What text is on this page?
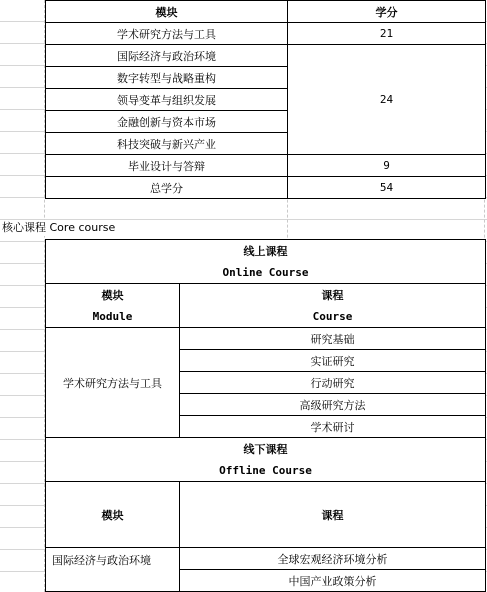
模块	学分
学术研究方法与工具	21
国际经济与政治环境	24
数字转型与战略重构	
领导变革与组织发展	
金融创新与资本市场	
科技突破与新兴产业	
毕业设计与答辩	9
总学分	54
核心课程 Core course
线上课程	
Online Course	
模块	课程
Module	Course
学术研究方法与工具	研究基础
	实证研究
	行动研究
	高级研究方法
	学术研讨
线下课程	
Offline Course	
模块	课程
国际经济与政治环境	全球宏观经济环境分析
	中国产业政策分析
